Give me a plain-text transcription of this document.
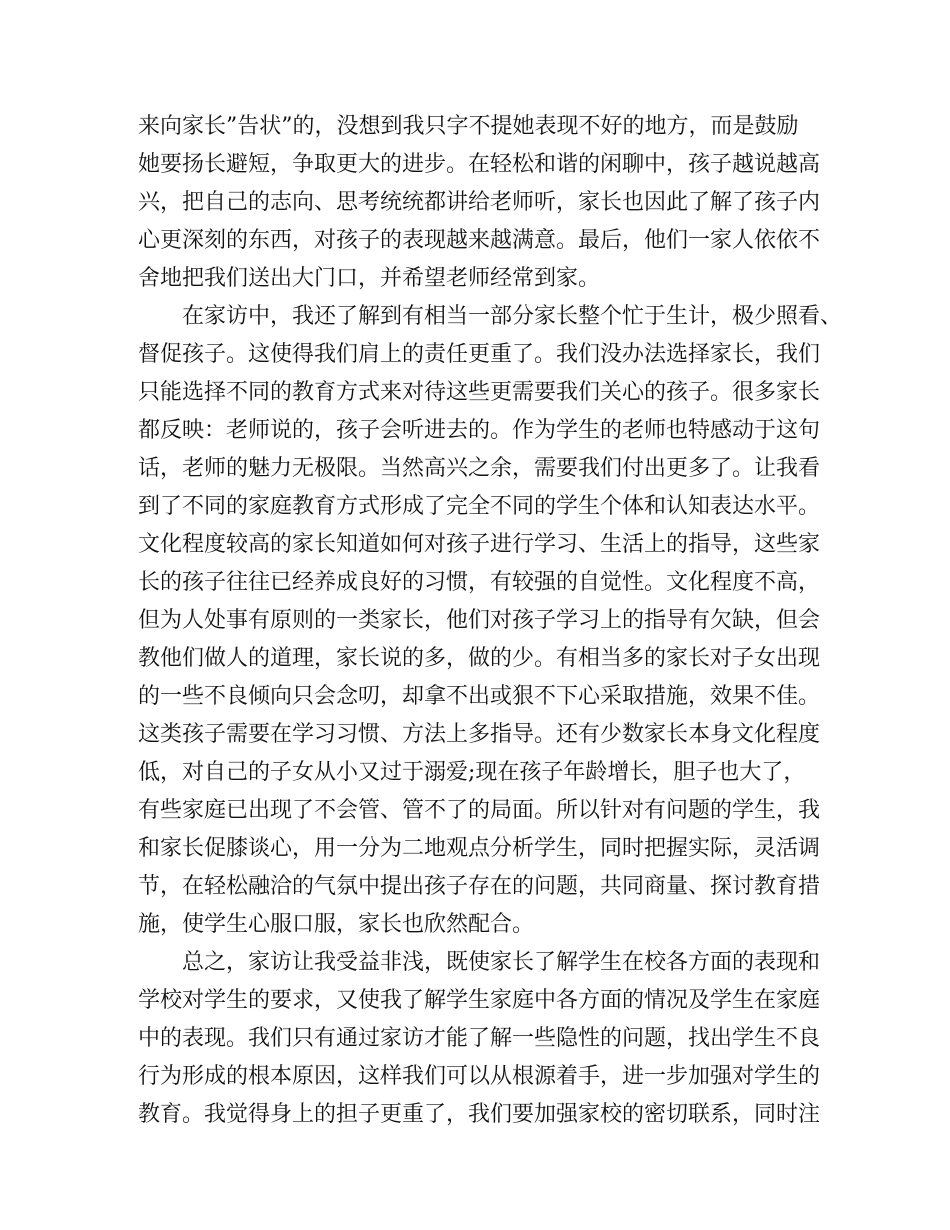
来向家长”告状”的，没想到我只字不提她表现不好的地方，而是鼓励
她要扬长避短，争取更大的进步。在轻松和谐的闲聊中，孩子越说越高
兴，把自己的志向、思考统统都讲给老师听，家长也因此了解了孩子内
心更深刻的东西，对孩子的表现越来越满意。最后，他们一家人依依不
舍地把我们送出大门口，并希望老师经常到家。
　　在家访中，我还了解到有相当一部分家长整个忙于生计，极少照看、
督促孩子。这使得我们肩上的责任更重了。我们没办法选择家长，我们
只能选择不同的教育方式来对待这些更需要我们关心的孩子。很多家长
都反映：老师说的，孩子会听进去的。作为学生的老师也特感动于这句
话，老师的魅力无极限。当然高兴之余，需要我们付出更多了。让我看
到了不同的家庭教育方式形成了完全不同的学生个体和认知表达水平。
文化程度较高的家长知道如何对孩子进行学习、生活上的指导，这些家
长的孩子往往已经养成良好的习惯，有较强的自觉性。文化程度不高，
但为人处事有原则的一类家长，他们对孩子学习上的指导有欠缺，但会
教他们做人的道理，家长说的多，做的少。有相当多的家长对子女出现
的一些不良倾向只会念叨，却拿不出或狠不下心采取措施，效果不佳。
这类孩子需要在学习习惯、方法上多指导。还有少数家长本身文化程度
低，对自己的子女从小又过于溺爱;现在孩子年龄增长，胆子也大了，
有些家庭已出现了不会管、管不了的局面。所以针对有问题的学生，我
和家长促膝谈心，用一分为二地观点分析学生，同时把握实际，灵活调
节，在轻松融洽的气氛中提出孩子存在的问题，共同商量、探讨教育措
施，使学生心服口服，家长也欣然配合。
　　总之，家访让我受益非浅，既使家长了解学生在校各方面的表现和
学校对学生的要求，又使我了解学生家庭中各方面的情况及学生在家庭
中的表现。我们只有通过家访才能了解一些隐性的问题，找出学生不良
行为形成的根本原因，这样我们可以从根源着手，进一步加强对学生的
教育。我觉得身上的担子更重了，我们要加强家校的密切联系，同时注
